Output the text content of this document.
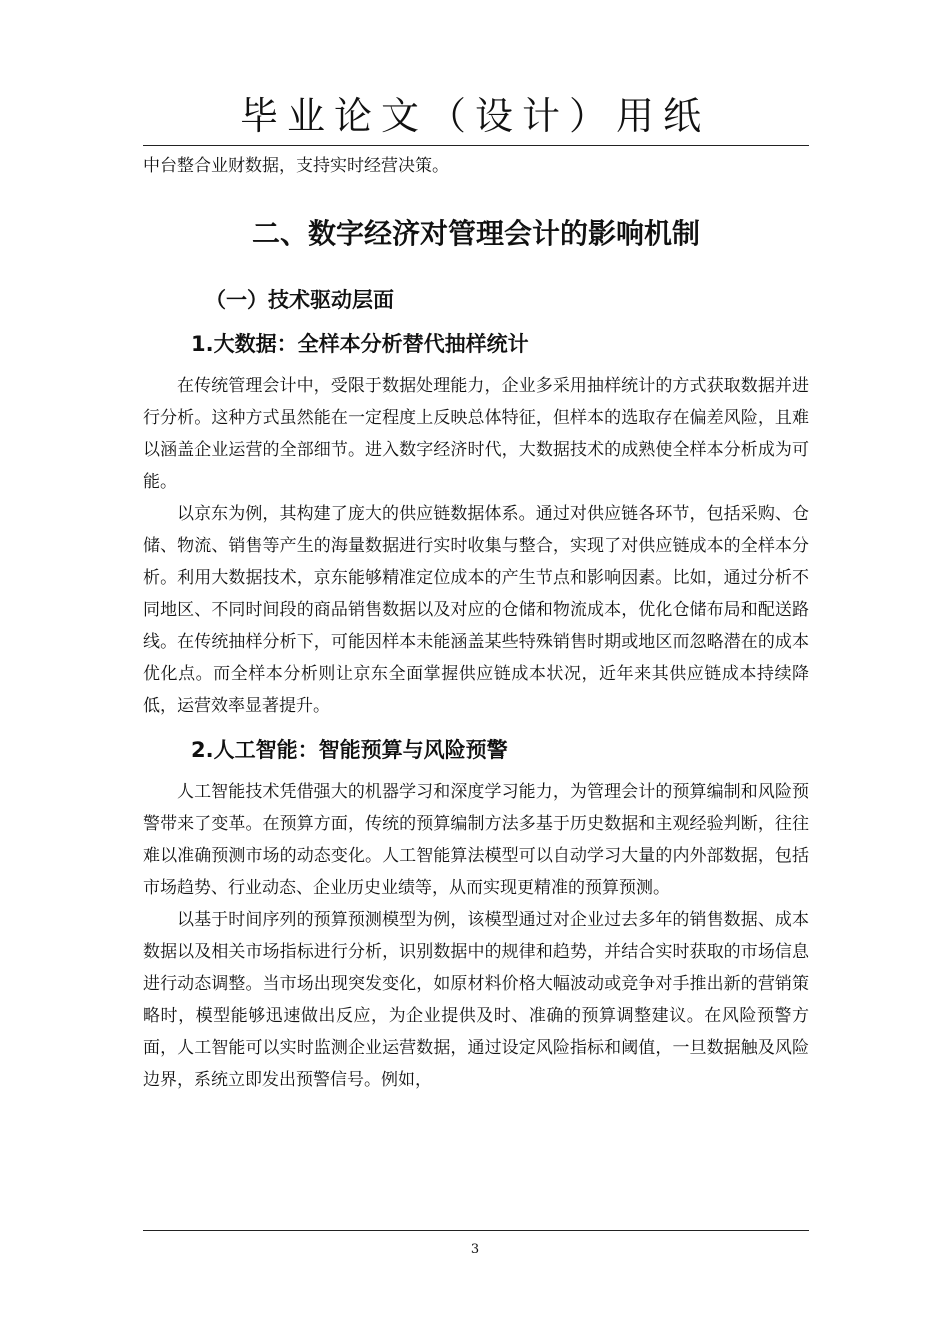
毕业论文（设计）用纸

中台整合业财数据，支持实时经营决策。

二、数字经济对管理会计的影响机制
（一）技术驱动层面
1.大数据：全样本分析替代抽样统计

在传统管理会计中，受限于数据处理能力，企业多采用抽样统计的方式获取数据并进行分析。这种方式虽然能在一定程度上反映总体特征，但样本的选取存在偏差风险，且难以涵盖企业运营的全部细节。进入数字经济时代，大数据技术的成熟使全样本分析成为可能。

以京东为例，其构建了庞大的供应链数据体系。通过对供应链各环节，包括采购、仓储、物流、销售等产生的海量数据进行实时收集与整合，实现了对供应链成本的全样本分析。利用大数据技术，京东能够精准定位成本的产生节点和影响因素。比如，通过分析不同地区、不同时间段的商品销售数据以及对应的仓储和物流成本，优化仓储布局和配送路线。在传统抽样分析下，可能因样本未能涵盖某些特殊销售时期或地区而忽略潜在的成本优化点。而全样本分析则让京东全面掌握供应链成本状况，近年来其供应链成本持续降低，运营效率显著提升。

2.人工智能：智能预算与风险预警

人工智能技术凭借强大的机器学习和深度学习能力，为管理会计的预算编制和风险预警带来了变革。在预算方面，传统的预算编制方法多基于历史数据和主观经验判断，往往难以准确预测市场的动态变化。人工智能算法模型可以自动学习大量的内外部数据，包括市场趋势、行业动态、企业历史业绩等，从而实现更精准的预算预测。

以基于时间序列的预算预测模型为例，该模型通过对企业过去多年的销售数据、成本数据以及相关市场指标进行分析，识别数据中的规律和趋势，并结合实时获取的市场信息进行动态调整。当市场出现突发变化，如原材料价格大幅波动或竞争对手推出新的营销策略时，模型能够迅速做出反应，为企业提供及时、准确的预算调整建议。在风险预警方面，人工智能可以实时监测企业运营数据，通过设定风险指标和阈值，一旦数据触及风险边界，系统立即发出预警信号。例如，

3
